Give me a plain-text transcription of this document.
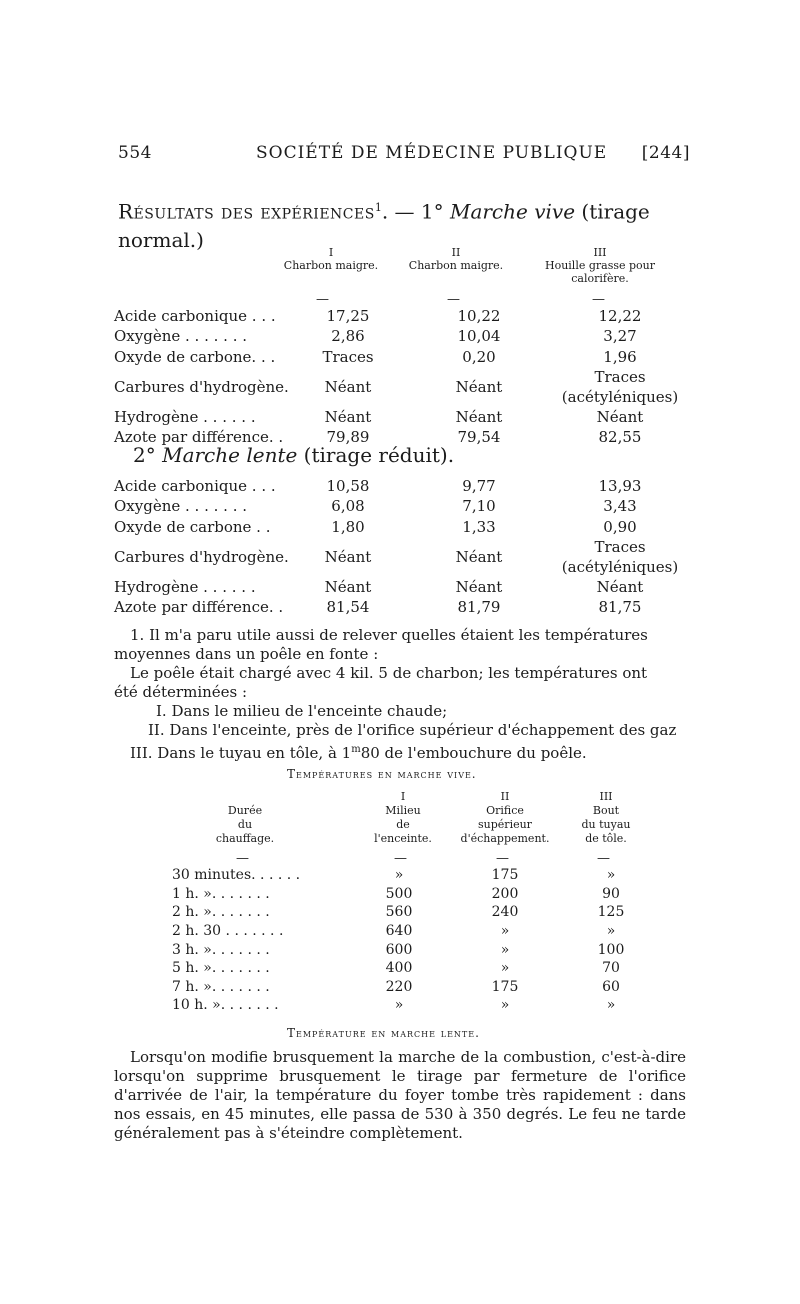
554	SOCIÉTÉ DE MÉDECINE PUBLIQUE [244]
Résultats des expériences$^1$. — 1° Marche vive (tirage normal.)
I
Charbon maigre.
II
Charbon maigre.
III
Houille grasse pour calorifère.
—	—	—
Acide carbonique . . .	17,25	10,22	12,22
Oxygène . . . . . . .	2,86	10,04	3,27
Oxyde de carbone. . .	Traces	0,20	1,96
Carbures d'hydrogène.	Néant	Néant	Traces (acétyléniques)
Hydrogène . . . . . .	Néant	Néant	Néant
Azote par différence. .	79,89	79,54	82,55
2° Marche lente (tirage réduit).
Acide carbonique . . .	10,58	9,77	13,93
Oxygène . . . . . . .	6,08	7,10	3,43
Oxyde de carbone . .	1,80	1,33	0,90
Carbures d'hydrogène.	Néant	Néant	Traces (acétyléniques)
Hydrogène . . . . . .	Néant	Néant	Néant
Azote par différence. .	81,54	81,79	81,75
1. Il m'a paru utile aussi de relever quelles étaient les températures
moyennes dans un poêle en fonte :
Le poêle était chargé avec 4 kil. 5 de charbon; les températures ont
été déterminées :
I. Dans le milieu de l'enceinte chaude;
II. Dans l'enceinte, près de l'orifice supérieur d'échappement des gaz
III. Dans le tuyau en tôle, à 1$^m$80 de l'embouchure du poêle.
Températures en marche vive.
Durée
du
chauffage.
I
Milieu
de
l'enceinte.
II
Orifice
supérieur
d'échappement.
III
Bout
du tuyau
de tôle.
—	—	—	—
30 minutes. . . . . .	»	175	»
1 h. ». . . . . . .	500	200	90
2 h. ». . . . . . .	560	240	125
2 h. 30 . . . . . . .	640	»	»
3 h. ». . . . . . .	600	»	100
5 h. ». . . . . . .	400	»	70
7 h. ». . . . . . .	220	175	60
10 h. ». . . . . . .	»	»	»
Température en marche lente.
Lorsqu'on modifie brusquement la marche de la combustion, c'est-à-dire lorsqu'on supprime brusquement le tirage par fermeture de l'orifice d'arrivée de l'air, la température du foyer tombe très rapidement : dans nos essais, en 45 minutes, elle passa de 530 à 350 degrés. Le feu ne tarde généralement pas à s'éteindre complètement.
